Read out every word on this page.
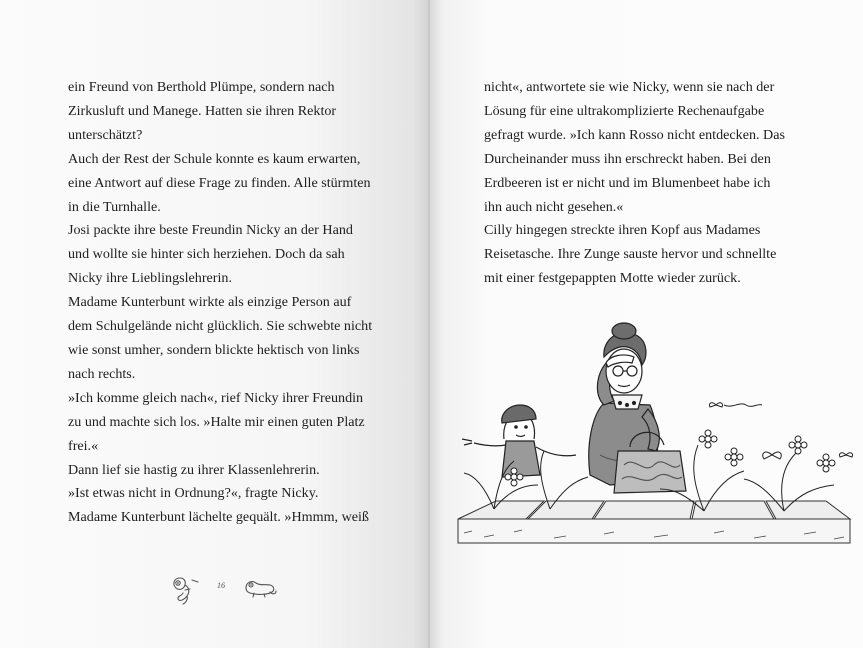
ein Freund von Berthold Plümpe, sondern nach
Zirkusluft und Manege. Hatten sie ihren Rektor
unterschätzt?
Auch der Rest der Schule konnte es kaum erwarten,
eine Antwort auf diese Frage zu finden. Alle stürmten
in die Turnhalle.
Josi packte ihre beste Freundin Nicky an der Hand
und wollte sie hinter sich herziehen. Doch da sah
Nicky ihre Lieblingslehrerin.
Madame Kunterbunt wirkte als einzige Person auf
dem Schulgelände nicht glücklich. Sie schwebte nicht
wie sonst umher, sondern blickte hektisch von links
nach rechts.
»Ich komme gleich nach«, rief Nicky ihrer Freundin
zu und machte sich los. »Halte mir einen guten Platz
frei.«
Dann lief sie hastig zu ihrer Klassenlehrerin.
»Ist etwas nicht in Ordnung?«, fragte Nicky.
Madame Kunterbunt lächelte gequält. »Hmmm, weiß
16
nicht«, antwortete sie wie Nicky, wenn sie nach der
Lösung für eine ultrakomplizierte Rechenaufgabe
gefragt wurde. »Ich kann Rosso nicht entdecken. Das
Durcheinander muss ihn erschreckt haben. Bei den
Erdbeeren ist er nicht und im Blumenbeet habe ich
ihn auch nicht gesehen.«
Cilly hingegen streckte ihren Kopf aus Madames
Reisetasche. Ihre Zunge sauste hervor und schnellte
mit einer festgepappten Motte wieder zurück.
